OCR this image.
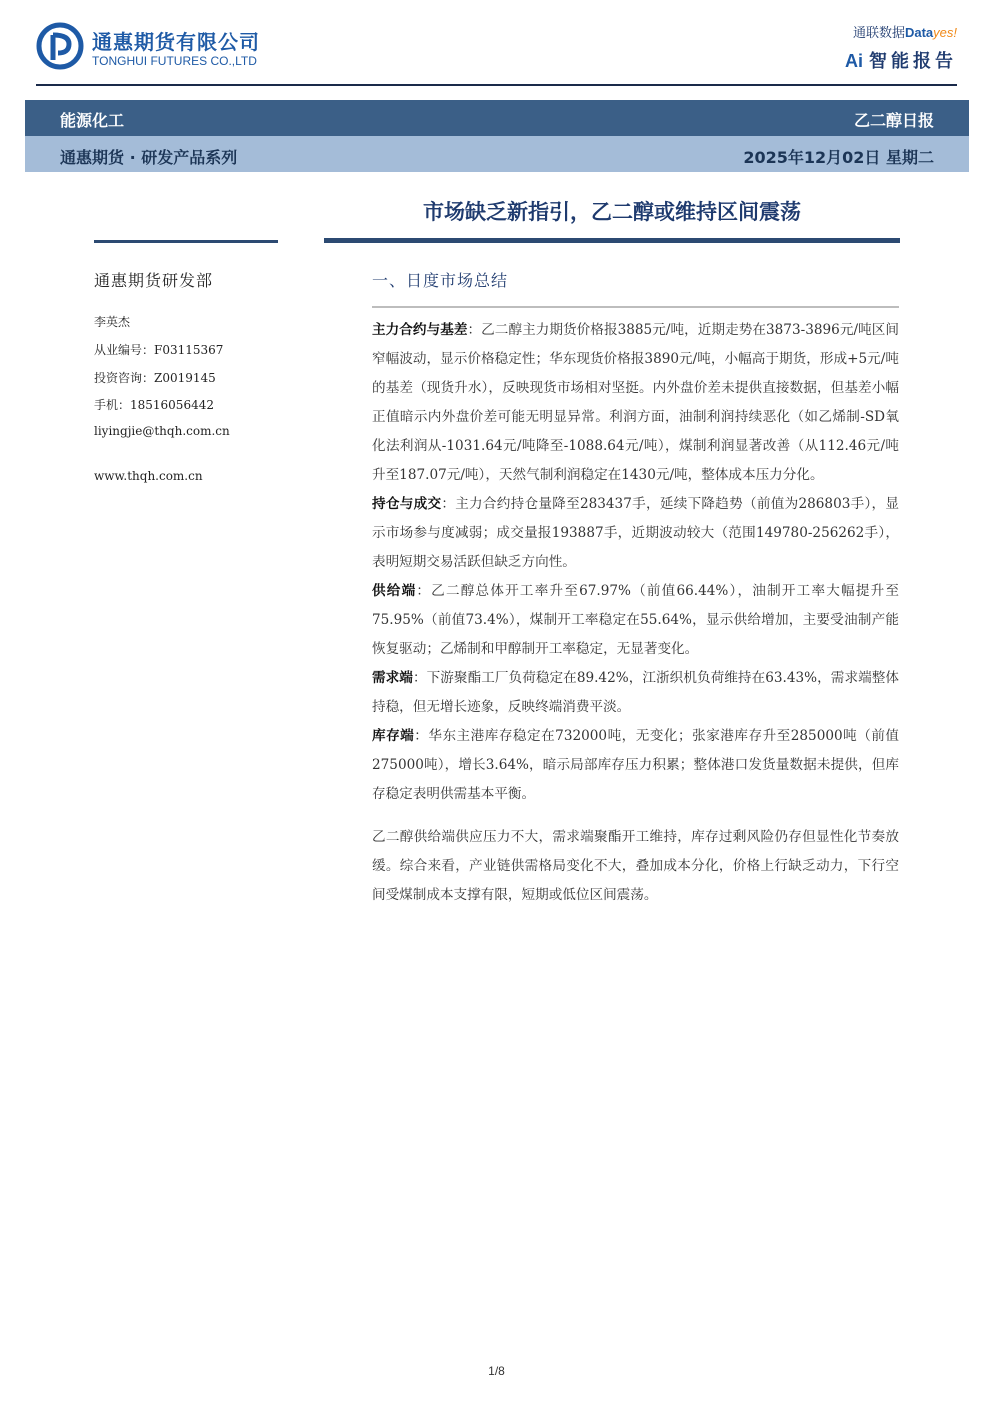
通惠期货有限公司
TONGHUI FUTURES CO.,LTD
通联数据Datayes!
Ai 智能报告
能源化工	乙二醇日报
通惠期货 · 研发产品系列	2025年12月02日 星期二
市场缺乏新指引，乙二醇或维持区间震荡
通惠期货研发部
李英杰
从业编号：F03115367
投资咨询：Z0019145
手机：18516056442
liyingjie@thqh.com.cn
www.thqh.com.cn
一、日度市场总结

主力合约与基差：乙二醇主力期货价格报3885元/吨，近期走势在3873-3896元/吨区间窄幅波动，显示价格稳定性；华东现货价格报3890元/吨，小幅高于期货，形成+5元/吨的基差（现货升水），反映现货市场相对坚挺。内外盘价差未提供直接数据，但基差小幅正值暗示内外盘价差可能无明显异常。利润方面，油制利润持续恶化（如乙烯制-SD氧化法利润从-1031.64元/吨降至-1088.64元/吨），煤制利润显著改善（从112.46元/吨升至187.07元/吨），天然气制利润稳定在1430元/吨，整体成本压力分化。

持仓与成交：主力合约持仓量降至283437手，延续下降趋势（前值为286803手），显示市场参与度减弱；成交量报193887手，近期波动较大（范围149780-256262手），表明短期交易活跃但缺乏方向性。

供给端：乙二醇总体开工率升至67.97%（前值66.44%），油制开工率大幅提升至75.95%（前值73.4%），煤制开工率稳定在55.64%，显示供给增加，主要受油制产能恢复驱动；乙烯制和甲醇制开工率稳定，无显著变化。

需求端：下游聚酯工厂负荷稳定在89.42%，江浙织机负荷维持在63.43%，需求端整体持稳，但无增长迹象，反映终端消费平淡。

库存端：华东主港库存稳定在732000吨，无变化；张家港库存升至285000吨（前值275000吨），增长3.64%，暗示局部库存压力积累；整体港口发货量数据未提供，但库存稳定表明供需基本平衡。

乙二醇供给端供应压力不大，需求端聚酯开工维持，库存过剩风险仍存但显性化节奏放缓。综合来看，产业链供需格局变化不大，叠加成本分化，价格上行缺乏动力，下行空间受煤制成本支撑有限，短期或低位区间震荡。

1/8
